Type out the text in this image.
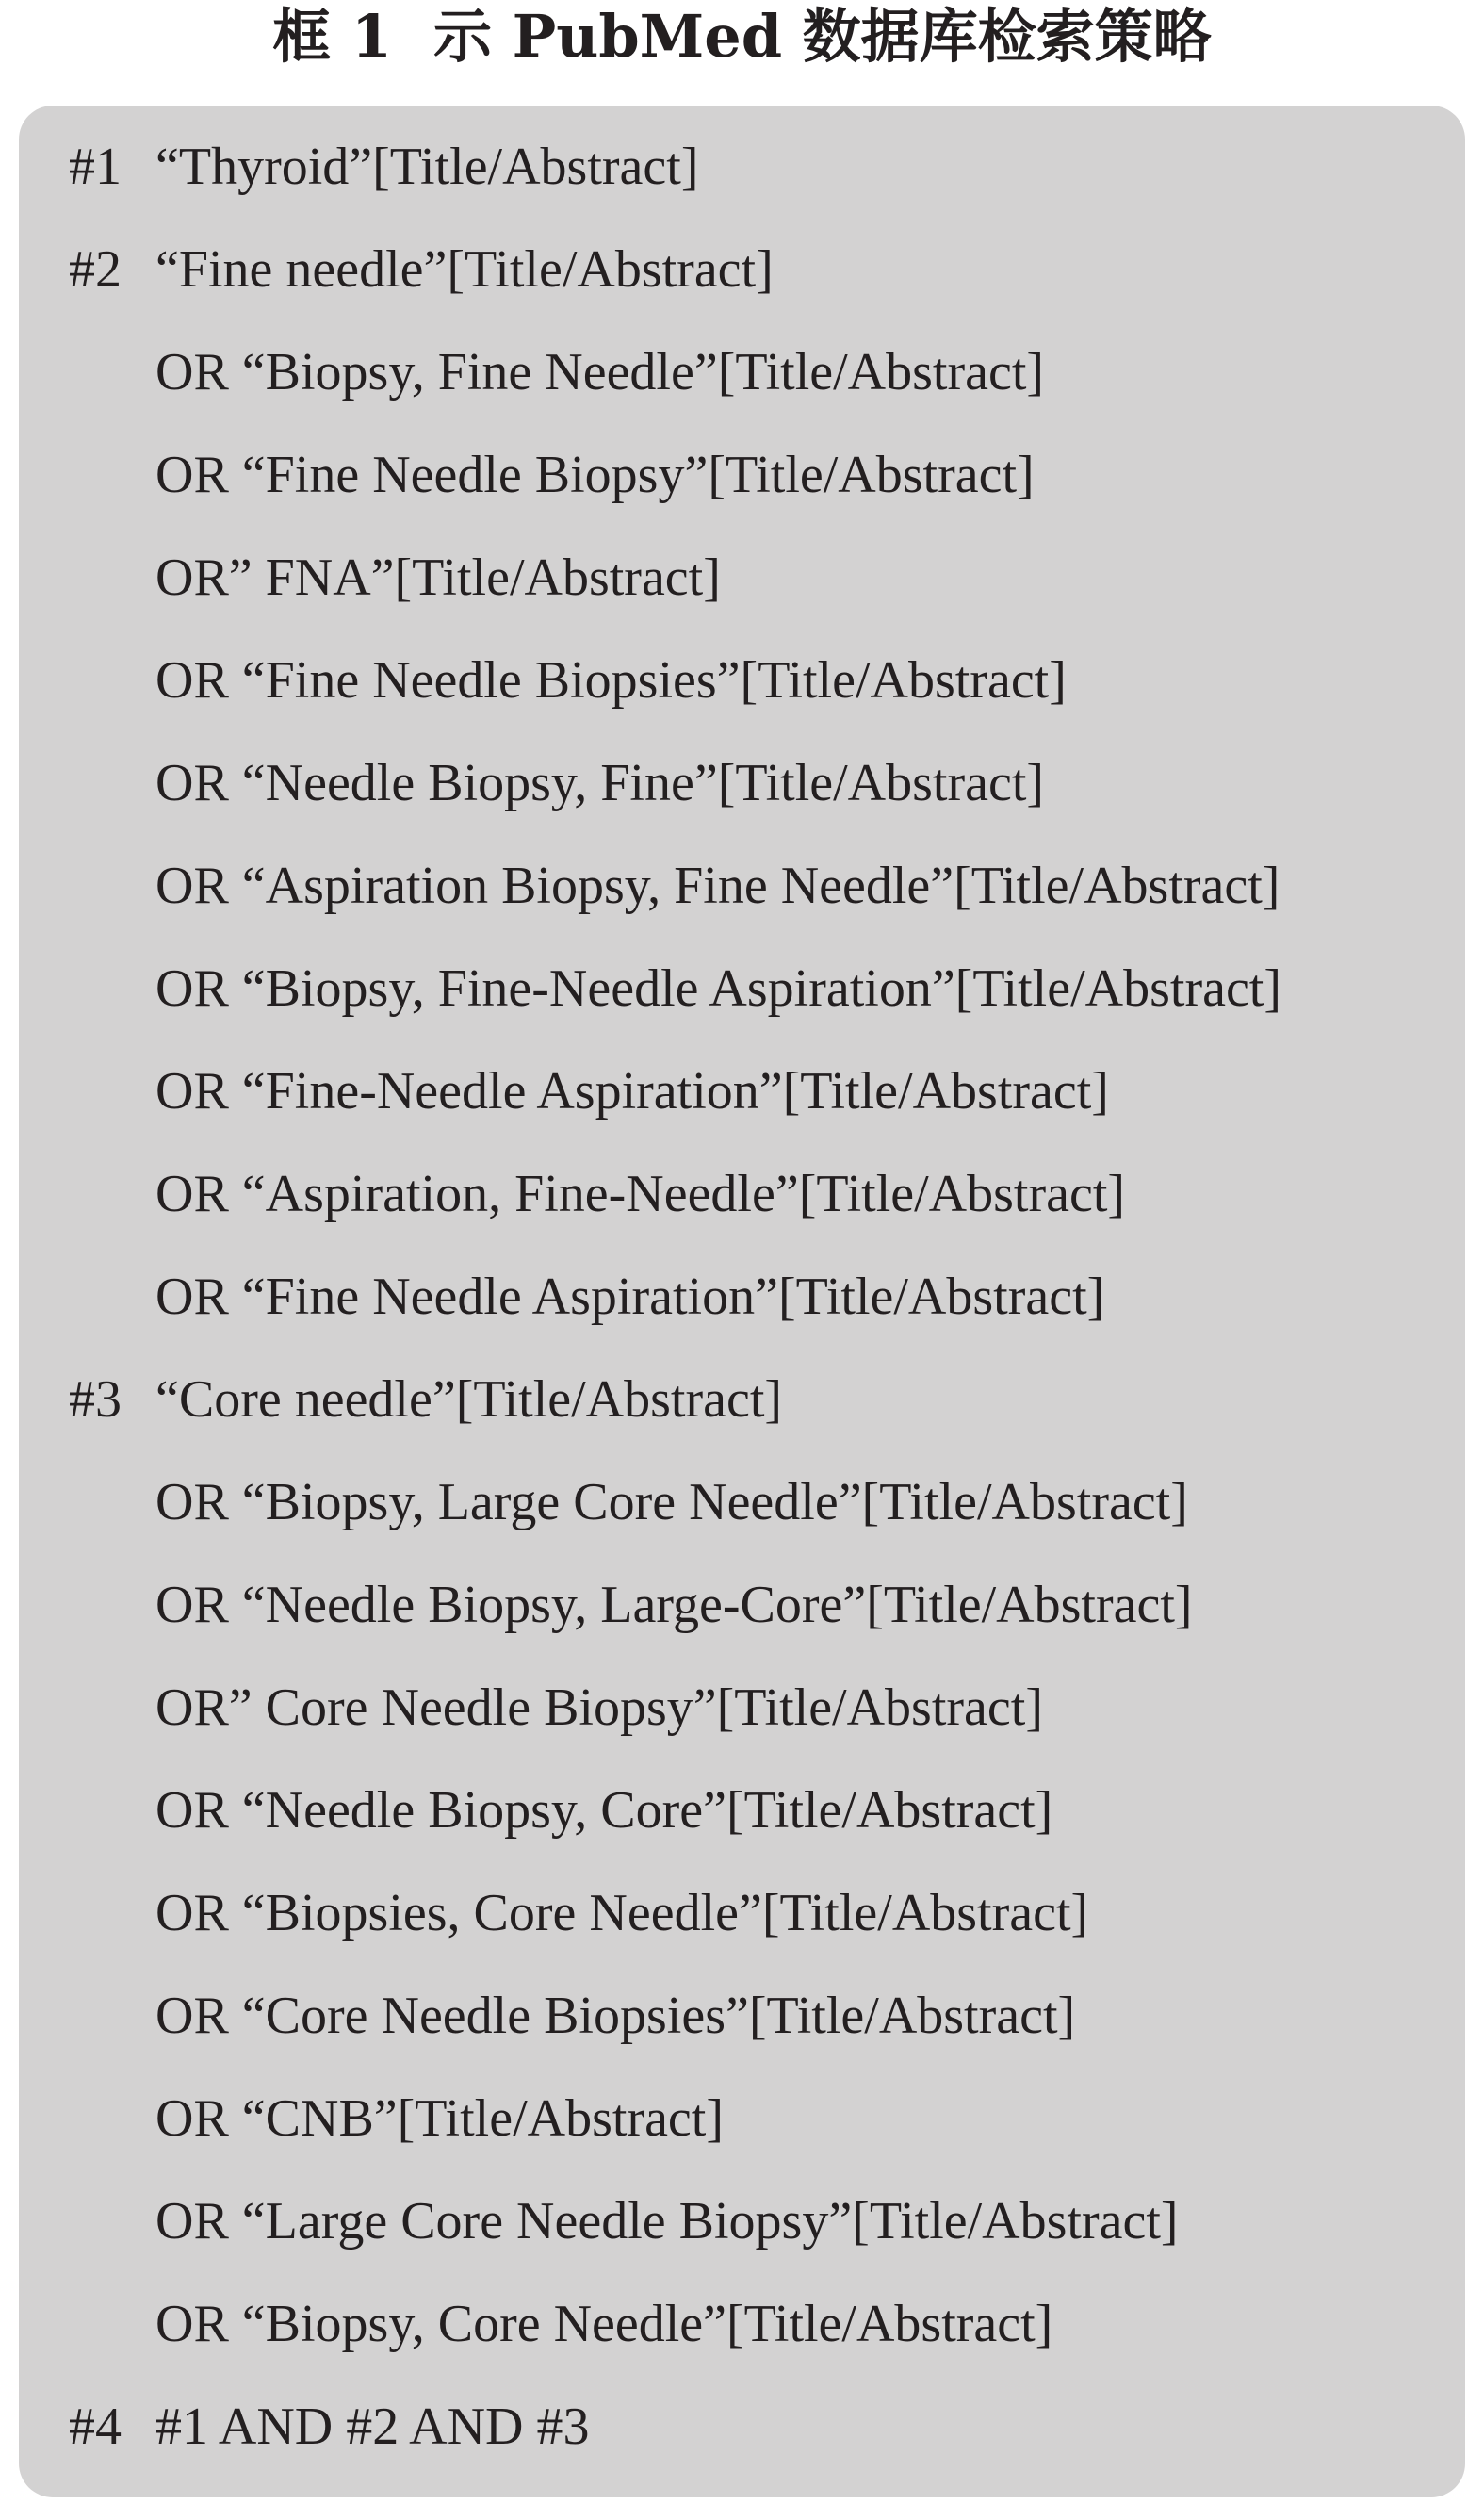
框 1 示 PubMed 数据库检索策略
#1 “Thyroid”[Title/Abstract]
#2 “Fine needle”[Title/Abstract]
OR “Biopsy, Fine Needle”[Title/Abstract]
OR “Fine Needle Biopsy”[Title/Abstract]
OR” FNA”[Title/Abstract]
OR “Fine Needle Biopsies”[Title/Abstract]
OR “Needle Biopsy, Fine”[Title/Abstract]
OR “Aspiration Biopsy, Fine Needle”[Title/Abstract]
OR “Biopsy, Fine-Needle Aspiration”[Title/Abstract]
OR “Fine-Needle Aspiration”[Title/Abstract]
OR “Aspiration, Fine-Needle”[Title/Abstract]
OR “Fine Needle Aspiration”[Title/Abstract]
#3 “Core needle”[Title/Abstract]
OR “Biopsy, Large Core Needle”[Title/Abstract]
OR “Needle Biopsy, Large-Core”[Title/Abstract]
OR” Core Needle Biopsy”[Title/Abstract]
OR “Needle Biopsy, Core”[Title/Abstract]
OR “Biopsies, Core Needle”[Title/Abstract]
OR “Core Needle Biopsies”[Title/Abstract]
OR “CNB”[Title/Abstract]
OR “Large Core Needle Biopsy”[Title/Abstract]
OR “Biopsy, Core Needle”[Title/Abstract]
#4 #1 AND #2 AND #3
